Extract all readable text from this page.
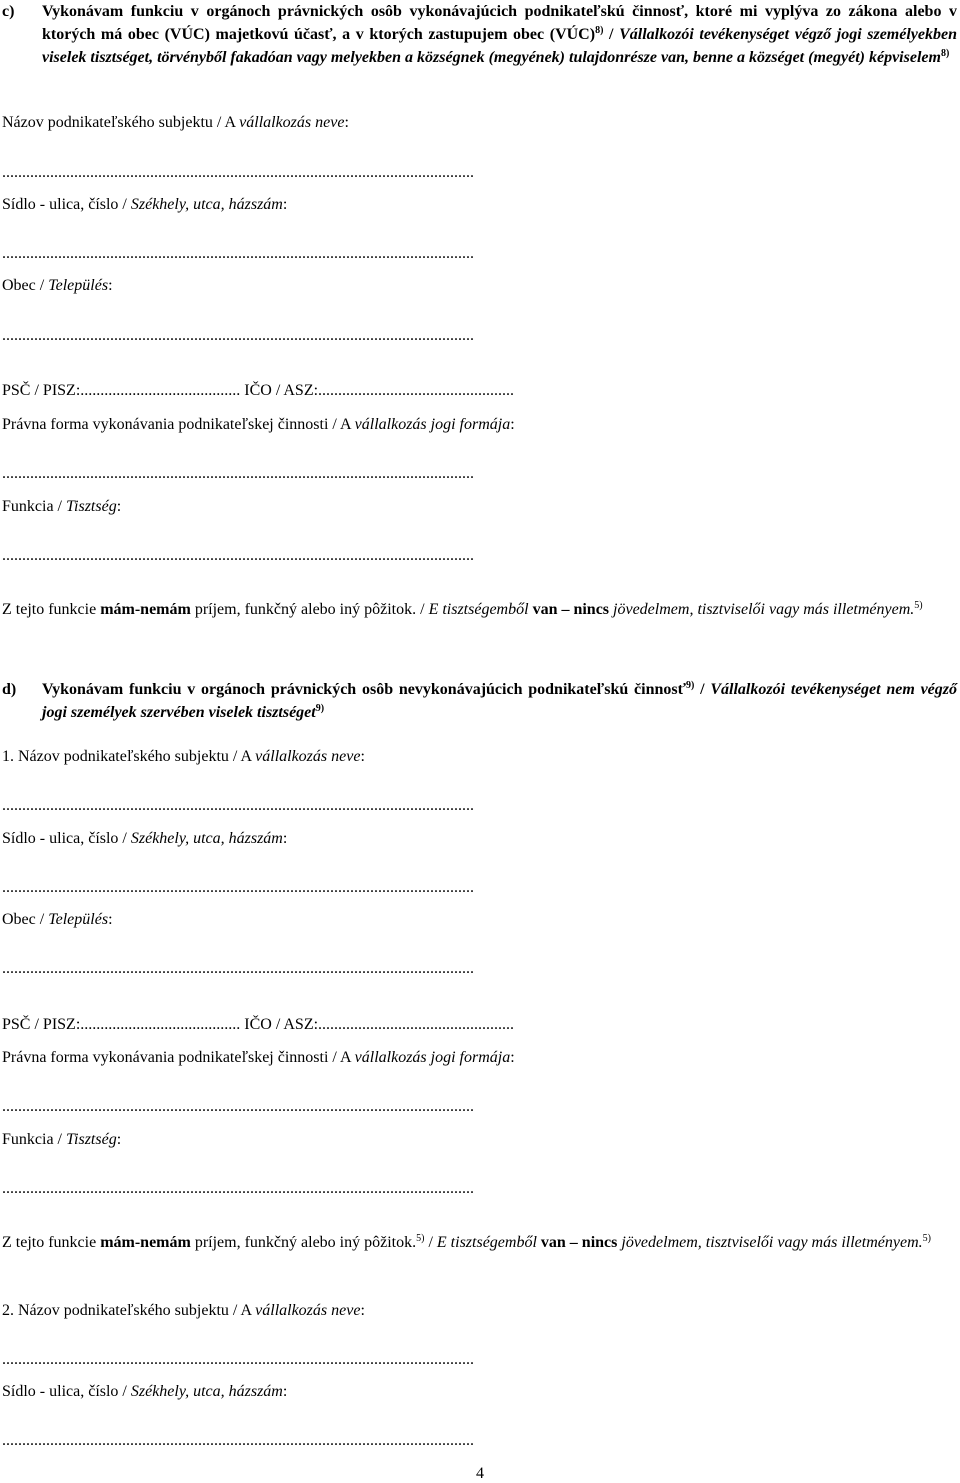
c) Vykonávam funkciu v orgánoch právnických osôb vykonávajúcich podnikateľskú činnosť, ktoré mi vyplýva zo zákona alebo v ktorých má obec (VÚC) majetkovú účasť, a v ktorých zastupujem obec (VÚC)$^{8)}$ / Vállalkozói tevékenységet végző jogi személyekben viselek tisztséget, törvényből fakadóan vagy melyekben a községnek (megyének) tulajdonrésze van, benne a községet (megyét) képviselem$^{8)}$
Názov podnikateľského subjektu / A vállalkozás neve:
......................................................................................................................
Sídlo - ulica, číslo / Székhely, utca, házszám:
......................................................................................................................
Obec / Település:
......................................................................................................................
PSČ / PISZ:........................................ IČO / ASZ:.................................................
Právna forma vykonávania podnikateľskej činnosti / A vállalkozás jogi formája:
......................................................................................................................
Funkcia / Tisztség:
......................................................................................................................
Z tejto funkcie mám-nemám príjem, funkčný alebo iný pôžitok. / E tisztségemből van – nincs jövedelmem, tisztviselői vagy más illetményem.$^{5)}$
d) Vykonávam funkciu v orgánoch právnických osôb nevykonávajúcich podnikateľskú činnosť$^{9)}$ / Vállalkozói tevékenységet nem végző jogi személyek szervében viselek tisztséget$^{9)}$
1. Názov podnikateľského subjektu / A vállalkozás neve:
......................................................................................................................
Sídlo - ulica, číslo / Székhely, utca, házszám:
......................................................................................................................
Obec / Település:
......................................................................................................................
PSČ / PISZ:........................................ IČO / ASZ:.................................................
Právna forma vykonávania podnikateľskej činnosti / A vállalkozás jogi formája:
......................................................................................................................
Funkcia / Tisztség:
......................................................................................................................
Z tejto funkcie mám-nemám príjem, funkčný alebo iný pôžitok.$^{5)}$ / E tisztségemből van – nincs jövedelmem, tisztviselői vagy más illetményem.$^{5)}$
2. Názov podnikateľského subjektu / A vállalkozás neve:
......................................................................................................................
Sídlo - ulica, číslo / Székhely, utca, házszám:
......................................................................................................................
4
